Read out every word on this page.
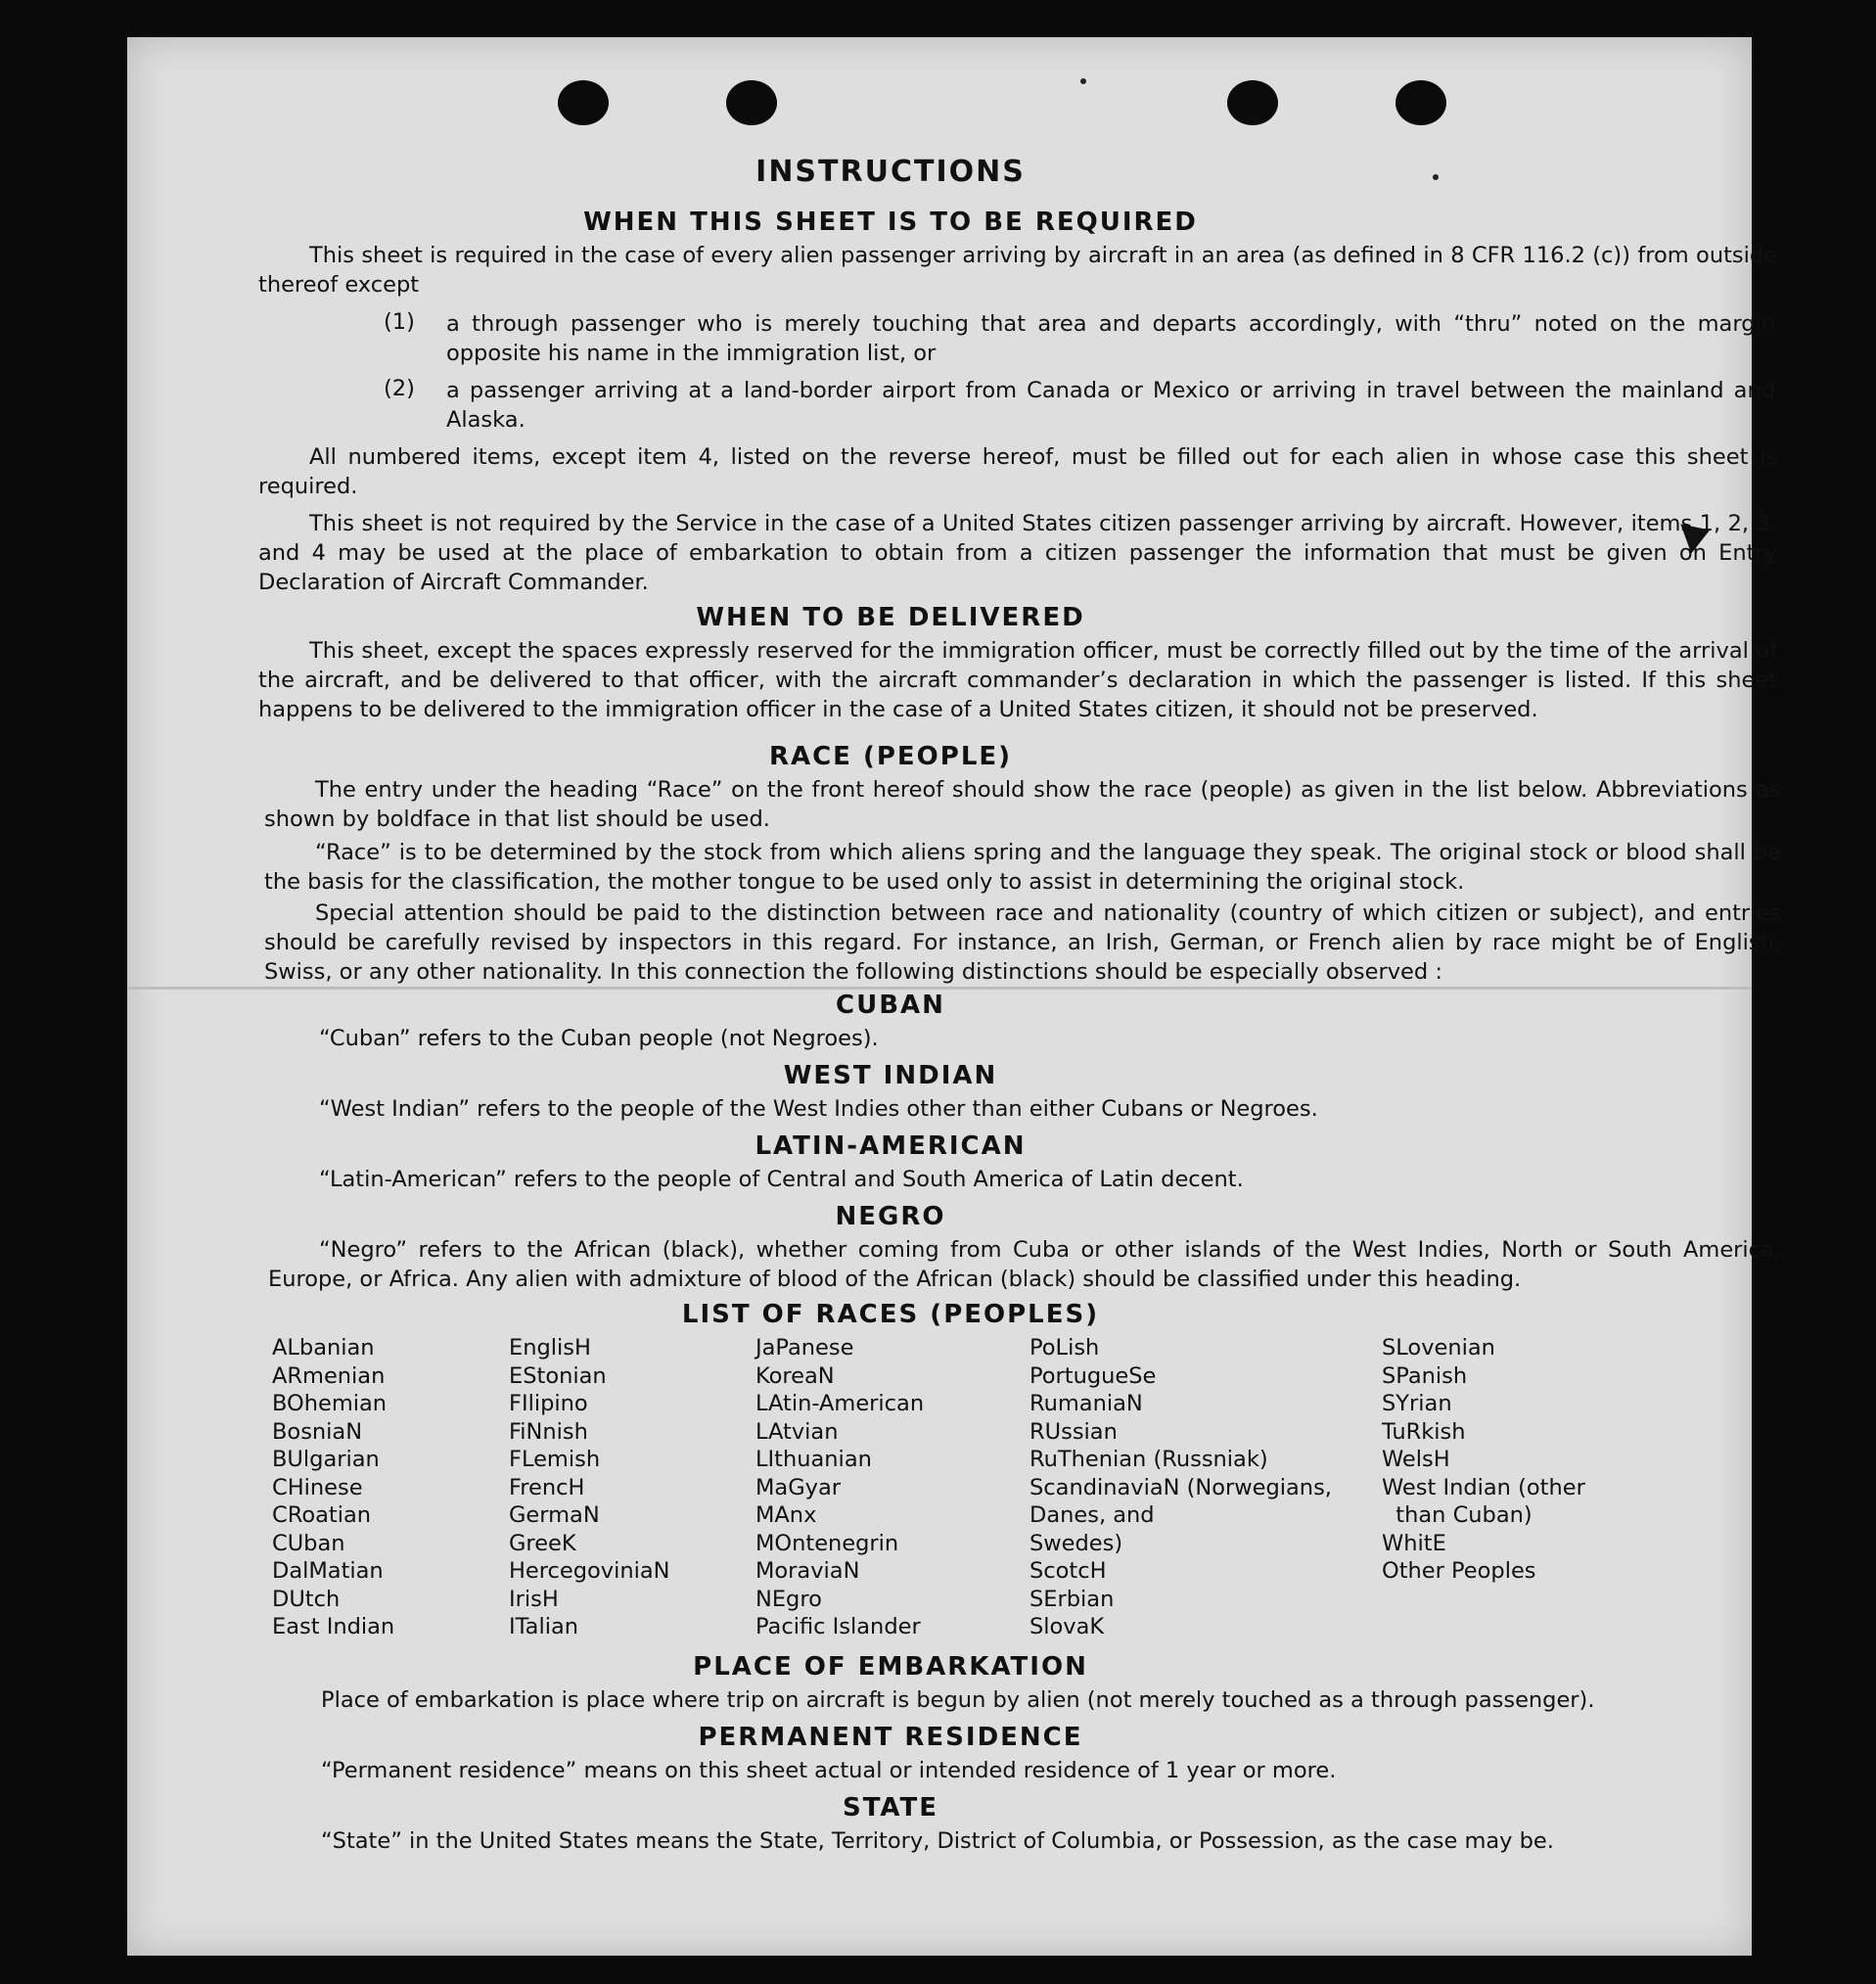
INSTRUCTIONS
WHEN THIS SHEET IS TO BE REQUIRED
This sheet is required in the case of every alien passenger arriving by aircraft in an area (as defined in 8 CFR 116.2 (c)) from outside thereof except
(1) a through passenger who is merely touching that area and departs accordingly, with “thru” noted on the margin opposite his name in the immigration list, or
(2) a passenger arriving at a land-border airport from Canada or Mexico or arriving in travel between the mainland and Alaska.
All numbered items, except item 4, listed on the reverse hereof, must be filled out for each alien in whose case this sheet is required.
This sheet is not required by the Service in the case of a United States citizen passenger arriving by aircraft. However, items 1, 2, 3, and 4 may be used at the place of embarkation to obtain from a citizen passenger the information that must be given on Entry Declaration of Aircraft Commander.
WHEN TO BE DELIVERED
This sheet, except the spaces expressly reserved for the immigration officer, must be correctly filled out by the time of the arrival of the aircraft, and be delivered to that officer, with the aircraft commander’s declaration in which the passenger is listed. If this sheet happens to be delivered to the immigration officer in the case of a United States citizen, it should not be preserved.
RACE (PEOPLE)
The entry under the heading “Race” on the front hereof should show the race (people) as given in the list below. Abbreviations as shown by boldface in that list should be used.
“Race” is to be determined by the stock from which aliens spring and the language they speak. The original stock or blood shall be the basis for the classification, the mother tongue to be used only to assist in determining the original stock.
Special attention should be paid to the distinction between race and nationality (country of which citizen or subject), and entries should be carefully revised by inspectors in this regard. For instance, an Irish, German, or French alien by race might be of English, Swiss, or any other nationality. In this connection the following distinctions should be especially observed :
CUBAN
“Cuban” refers to the Cuban people (not Negroes).
WEST INDIAN
“West Indian” refers to the people of the West Indies other than either Cubans or Negroes.
LATIN-AMERICAN
“Latin-American” refers to the people of Central and South America of Latin decent.
NEGRO
“Negro” refers to the African (black), whether coming from Cuba or other islands of the West Indies, North or South America, Europe, or Africa. Any alien with admixture of blood of the African (black) should be classified under this heading.
LIST OF RACES (PEOPLES)
ALbanian
ARmenian
BOhemian
BosniaN
BUlgarian
CHinese
CRoatian
CUban
DalMatian
DUtch
East Indian
EnglisH
EStonian
FIlipino
FiNnish
FLemish
FrencH
GermaN
GreeK
HercegoviniaN
IrisH
ITalian
JaPanese
KoreaN
LAtin-American
LAtvian
LIthuanian
MaGyar
MAnx
MOntenegrin
MoraviaN
NEgro
Pacific Islander
PoLish
PortugueSe
RumaniaN
RUssian
RuThenian (Russniak)
ScandinaviaN (Norwegians,
Danes, and
Swedes)
ScotcH
SErbian
SlovaK
SLovenian
SPanish
SYrian
TuRkish
WelsH
West Indian (other
than Cuban)
WhitE
Other Peoples
PLACE OF EMBARKATION
Place of embarkation is place where trip on aircraft is begun by alien (not merely touched as a through passenger).
PERMANENT RESIDENCE
“Permanent residence” means on this sheet actual or intended residence of 1 year or more.
STATE
“State” in the United States means the State, Territory, District of Columbia, or Possession, as the case may be.
